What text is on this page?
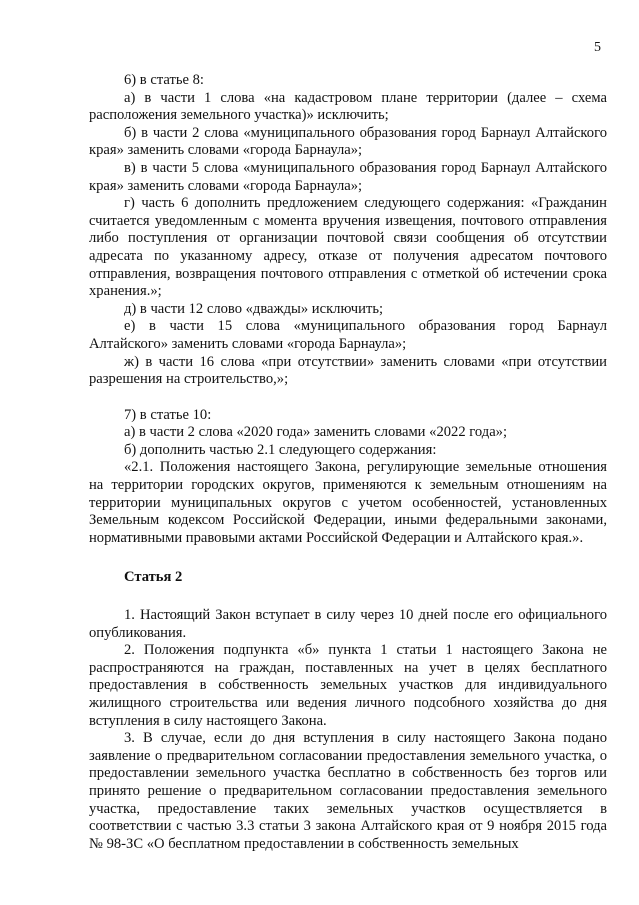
5

6) в статье 8:

а) в части 1 слова «на кадастровом плане территории (далее – схема расположения земельного участка)» исключить;

б) в части 2 слова «муниципального образования город Барнаул Алтайского края» заменить словами «города Барнаула»;

в) в части 5 слова «муниципального образования город Барнаул Алтайского края» заменить словами «города Барнаула»;

г) часть 6 дополнить предложением следующего содержания: «Гражданин считается уведомленным с момента вручения извещения, почтового отправления либо поступления от организации почтовой связи сообщения об отсутствии адресата по указанному адресу, отказе от получения адресатом почтового отправления, возвращения почтового отправления с отметкой об истечении срока хранения.»;

д) в части 12 слово «дважды» исключить;

е) в части 15 слова «муниципального образования город Барнаул Алтайского» заменить словами «города Барнаула»;

ж) в части 16 слова «при отсутствии» заменить словами «при отсутствии разрешения на строительство,»;

7) в статье 10:

а) в части 2 слова «2020 года» заменить словами «2022 года»;

б) дополнить частью 2.1 следующего содержания:

«2.1. Положения настоящего Закона, регулирующие земельные отношения на территории городских округов, применяются к земельным отношениям на территории муниципальных округов с учетом особенностей, установленных Земельным кодексом Российской Федерации, иными федеральными законами, нормативными правовыми актами Российской Федерации и Алтайского края.».

Статья 2

1. Настоящий Закон вступает в силу через 10 дней после его официального опубликования.

2. Положения подпункта «б» пункта 1 статьи 1 настоящего Закона не распространяются на граждан, поставленных на учет в целях бесплатного предоставления в собственность земельных участков для индивидуального жилищного строительства или ведения личного подсобного хозяйства до дня вступления в силу настоящего Закона.

3. В случае, если до дня вступления в силу настоящего Закона подано заявление о предварительном согласовании предоставления земельного участка, о предоставлении земельного участка бесплатно в собственность без торгов или принято решение о предварительном согласовании предоставления земельного участка, предоставление таких земельных участков осуществляется в соответствии с частью 3.3 статьи 3 закона Алтайского края от 9 ноября 2015 года № 98-ЗС «О бесплатном предоставлении в собственность земельных
